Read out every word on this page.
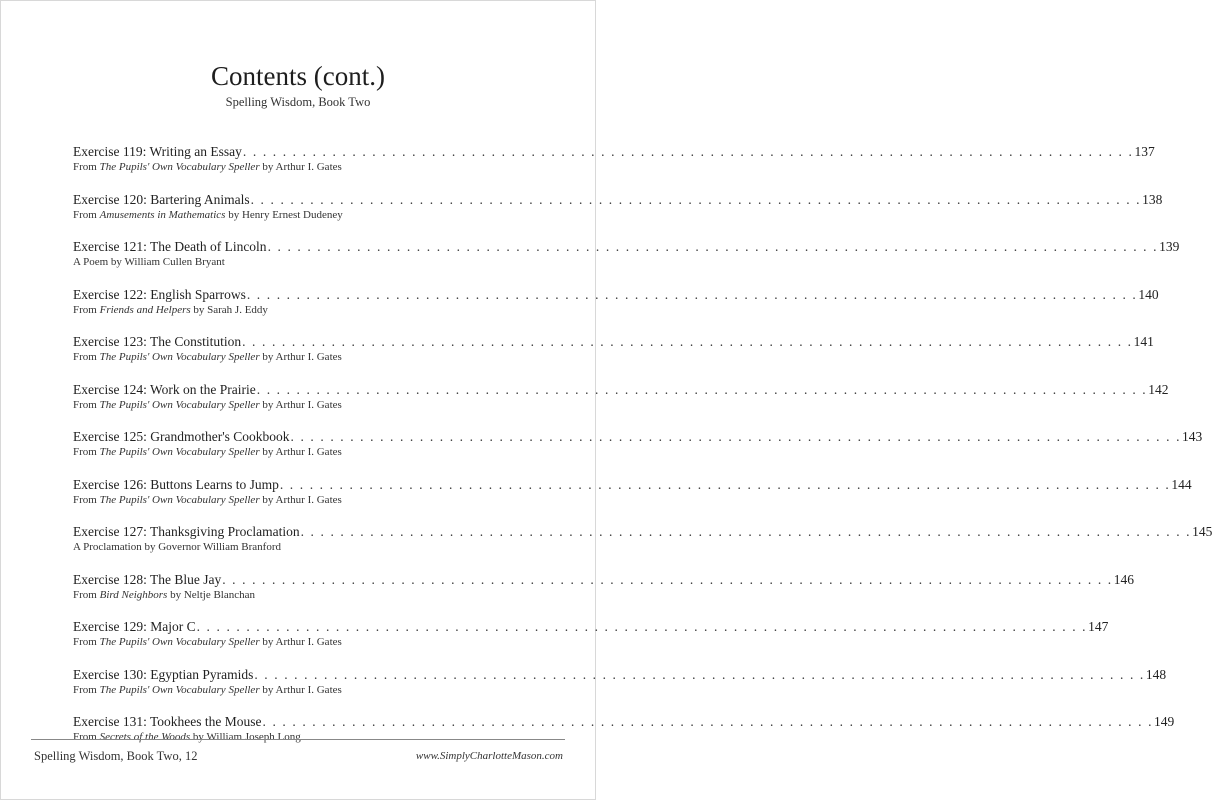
Contents (cont.)
Spelling Wisdom, Book Two
Exercise 119: Writing an Essay . . . . . . . . . . . . . . . . . . . . . . . . . . . . . . . . . . . . . . . . . . . . . . . . . . . . . . . . . . . . . . . . . . . . . . . . . . . . . . . . . . . . . . . . . . 137
From The Pupils' Own Vocabulary Speller by Arthur I. Gates
Exercise 120: Bartering Animals . . . . . . . . . . . . . . . . . . . . . . . . . . . . . . . . . . . . . . . . . . . . . . . . . . . . . . . . . . . . . . . . . . . . . . . . . . . . . . . . . . . . . . . . . . 138
From Amusements in Mathematics by Henry Ernest Dudeney
Exercise 121: The Death of Lincoln . . . . . . . . . . . . . . . . . . . . . . . . . . . . . . . . . . . . . . . . . . . . . . . . . . . . . . . . . . . . . . . . . . . . . . . . . . . . . . . . . . . . . . . . . . 139
A Poem by William Cullen Bryant
Exercise 122: English Sparrows . . . . . . . . . . . . . . . . . . . . . . . . . . . . . . . . . . . . . . . . . . . . . . . . . . . . . . . . . . . . . . . . . . . . . . . . . . . . . . . . . . . . . . . . . . 140
From Friends and Helpers by Sarah J. Eddy
Exercise 123: The Constitution . . . . . . . . . . . . . . . . . . . . . . . . . . . . . . . . . . . . . . . . . . . . . . . . . . . . . . . . . . . . . . . . . . . . . . . . . . . . . . . . . . . . . . . . . . 141
From The Pupils' Own Vocabulary Speller by Arthur I. Gates
Exercise 124: Work on the Prairie . . . . . . . . . . . . . . . . . . . . . . . . . . . . . . . . . . . . . . . . . . . . . . . . . . . . . . . . . . . . . . . . . . . . . . . . . . . . . . . . . . . . . . . . . . 142
From The Pupils' Own Vocabulary Speller by Arthur I. Gates
Exercise 125: Grandmother's Cookbook . . . . . . . . . . . . . . . . . . . . . . . . . . . . . . . . . . . . . . . . . . . . . . . . . . . . . . . . . . . . . . . . . . . . . . . . . . . . . . . . . . . . . . . . . . 143
From The Pupils' Own Vocabulary Speller by Arthur I. Gates
Exercise 126: Buttons Learns to Jump . . . . . . . . . . . . . . . . . . . . . . . . . . . . . . . . . . . . . . . . . . . . . . . . . . . . . . . . . . . . . . . . . . . . . . . . . . . . . . . . . . . . . . . . . . 144
From The Pupils' Own Vocabulary Speller by Arthur I. Gates
Exercise 127: Thanksgiving Proclamation . . . . . . . . . . . . . . . . . . . . . . . . . . . . . . . . . . . . . . . . . . . . . . . . . . . . . . . . . . . . . . . . . . . . . . . . . . . . . . . . . . . . . . . . . . 145
A Proclamation by Governor William Branford
Exercise 128: The Blue Jay . . . . . . . . . . . . . . . . . . . . . . . . . . . . . . . . . . . . . . . . . . . . . . . . . . . . . . . . . . . . . . . . . . . . . . . . . . . . . . . . . . . . . . . . . . 146
From Bird Neighbors by Neltje Blanchan
Exercise 129: Major C . . . . . . . . . . . . . . . . . . . . . . . . . . . . . . . . . . . . . . . . . . . . . . . . . . . . . . . . . . . . . . . . . . . . . . . . . . . . . . . . . . . . . . . . . . 147
From The Pupils' Own Vocabulary Speller by Arthur I. Gates
Exercise 130: Egyptian Pyramids . . . . . . . . . . . . . . . . . . . . . . . . . . . . . . . . . . . . . . . . . . . . . . . . . . . . . . . . . . . . . . . . . . . . . . . . . . . . . . . . . . . . . . . . . . 148
From The Pupils' Own Vocabulary Speller by Arthur I. Gates
Exercise 131: Tookhees the Mouse . . . . . . . . . . . . . . . . . . . . . . . . . . . . . . . . . . . . . . . . . . . . . . . . . . . . . . . . . . . . . . . . . . . . . . . . . . . . . . . . . . . . . . . . . . 149
From Secrets of the Woods by William Joseph Long
Spelling Wisdom, Book Two, 12	www.SimplyCharlotteMason.com
